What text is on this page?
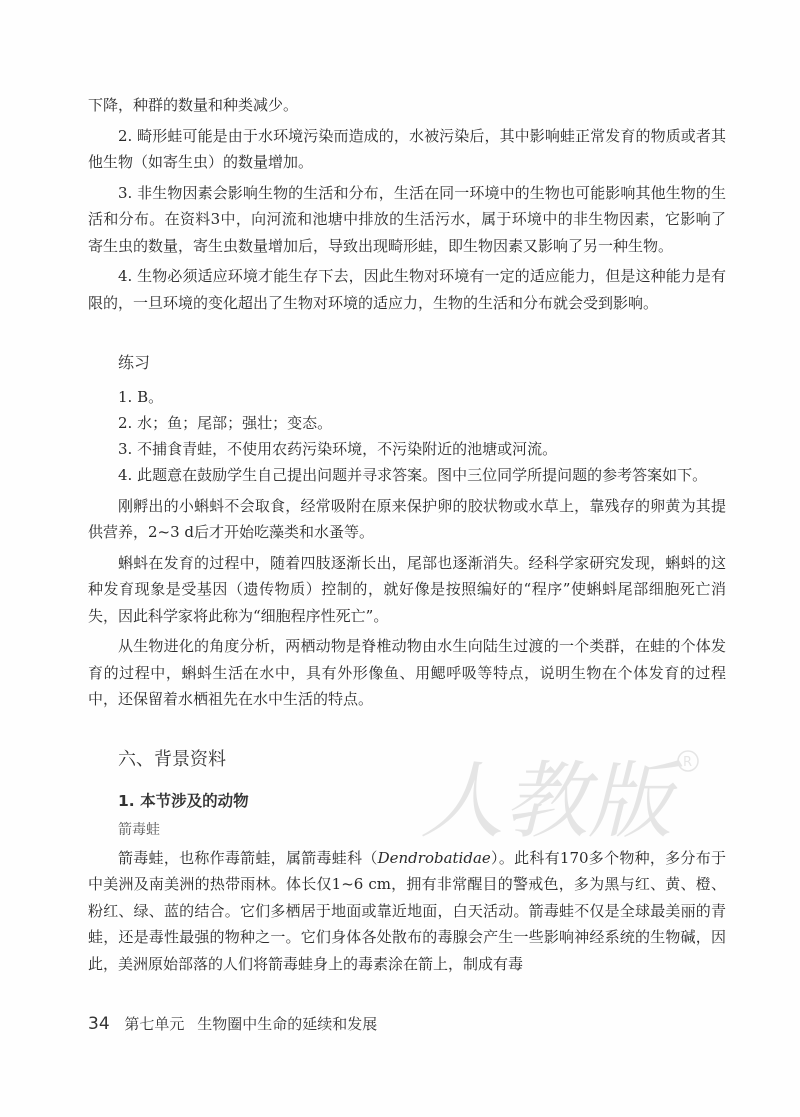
下降，种群的数量和种类减少。

2. 畸形蛙可能是由于水环境污染而造成的，水被污染后，其中影响蛙正常发育的物质或者其他生物（如寄生虫）的数量增加。

3. 非生物因素会影响生物的生活和分布，生活在同一环境中的生物也可能影响其他生物的生活和分布。在资料3中，向河流和池塘中排放的生活污水，属于环境中的非生物因素，它影响了寄生虫的数量，寄生虫数量增加后，导致出现畸形蛙，即生物因素又影响了另一种生物。

4. 生物必须适应环境才能生存下去，因此生物对环境有一定的适应能力，但是这种能力是有限的，一旦环境的变化超出了生物对环境的适应力，生物的生活和分布就会受到影响。

练习

1. B。

2. 水；鱼；尾部；强壮；变态。

3. 不捕食青蛙，不使用农药污染环境，不污染附近的池塘或河流。

4. 此题意在鼓励学生自己提出问题并寻求答案。图中三位同学所提问题的参考答案如下。

刚孵出的小蝌蚪不会取食，经常吸附在原来保护卵的胶状物或水草上，靠残存的卵黄为其提供营养，2~3 d后才开始吃藻类和水蚤等。

蝌蚪在发育的过程中，随着四肢逐渐长出，尾部也逐渐消失。经科学家研究发现，蝌蚪的这种发育现象是受基因（遗传物质）控制的，就好像是按照编好的“程序”使蝌蚪尾部细胞死亡消失，因此科学家将此称为“细胞程序性死亡”。

从生物进化的角度分析，两栖动物是脊椎动物由水生向陆生过渡的一个类群，在蛙的个体发育的过程中，蝌蚪生活在水中，具有外形像鱼、用鳃呼吸等特点，说明生物在个体发育的过程中，还保留着水栖祖先在水中生活的特点。

六、背景资料
1. 本节涉及的动物
箭毒蛙

箭毒蛙，也称作毒箭蛙，属箭毒蛙科（Dendrobatidae）。此科有170多个物种，多分布于中美洲及南美洲的热带雨林。体长仅1~6 cm，拥有非常醒目的警戒色，多为黑与红、黄、橙、粉红、绿、蓝的结合。它们多栖居于地面或靠近地面，白天活动。箭毒蛙不仅是全球最美丽的青蛙，还是毒性最强的物种之一。它们身体各处散布的毒腺会产生一些影响神经系统的生物碱，因此，美洲原始部落的人们将箭毒蛙身上的毒素涂在箭上，制成有毒

人教版 R
34 第七单元 生物圈中生命的延续和发展
